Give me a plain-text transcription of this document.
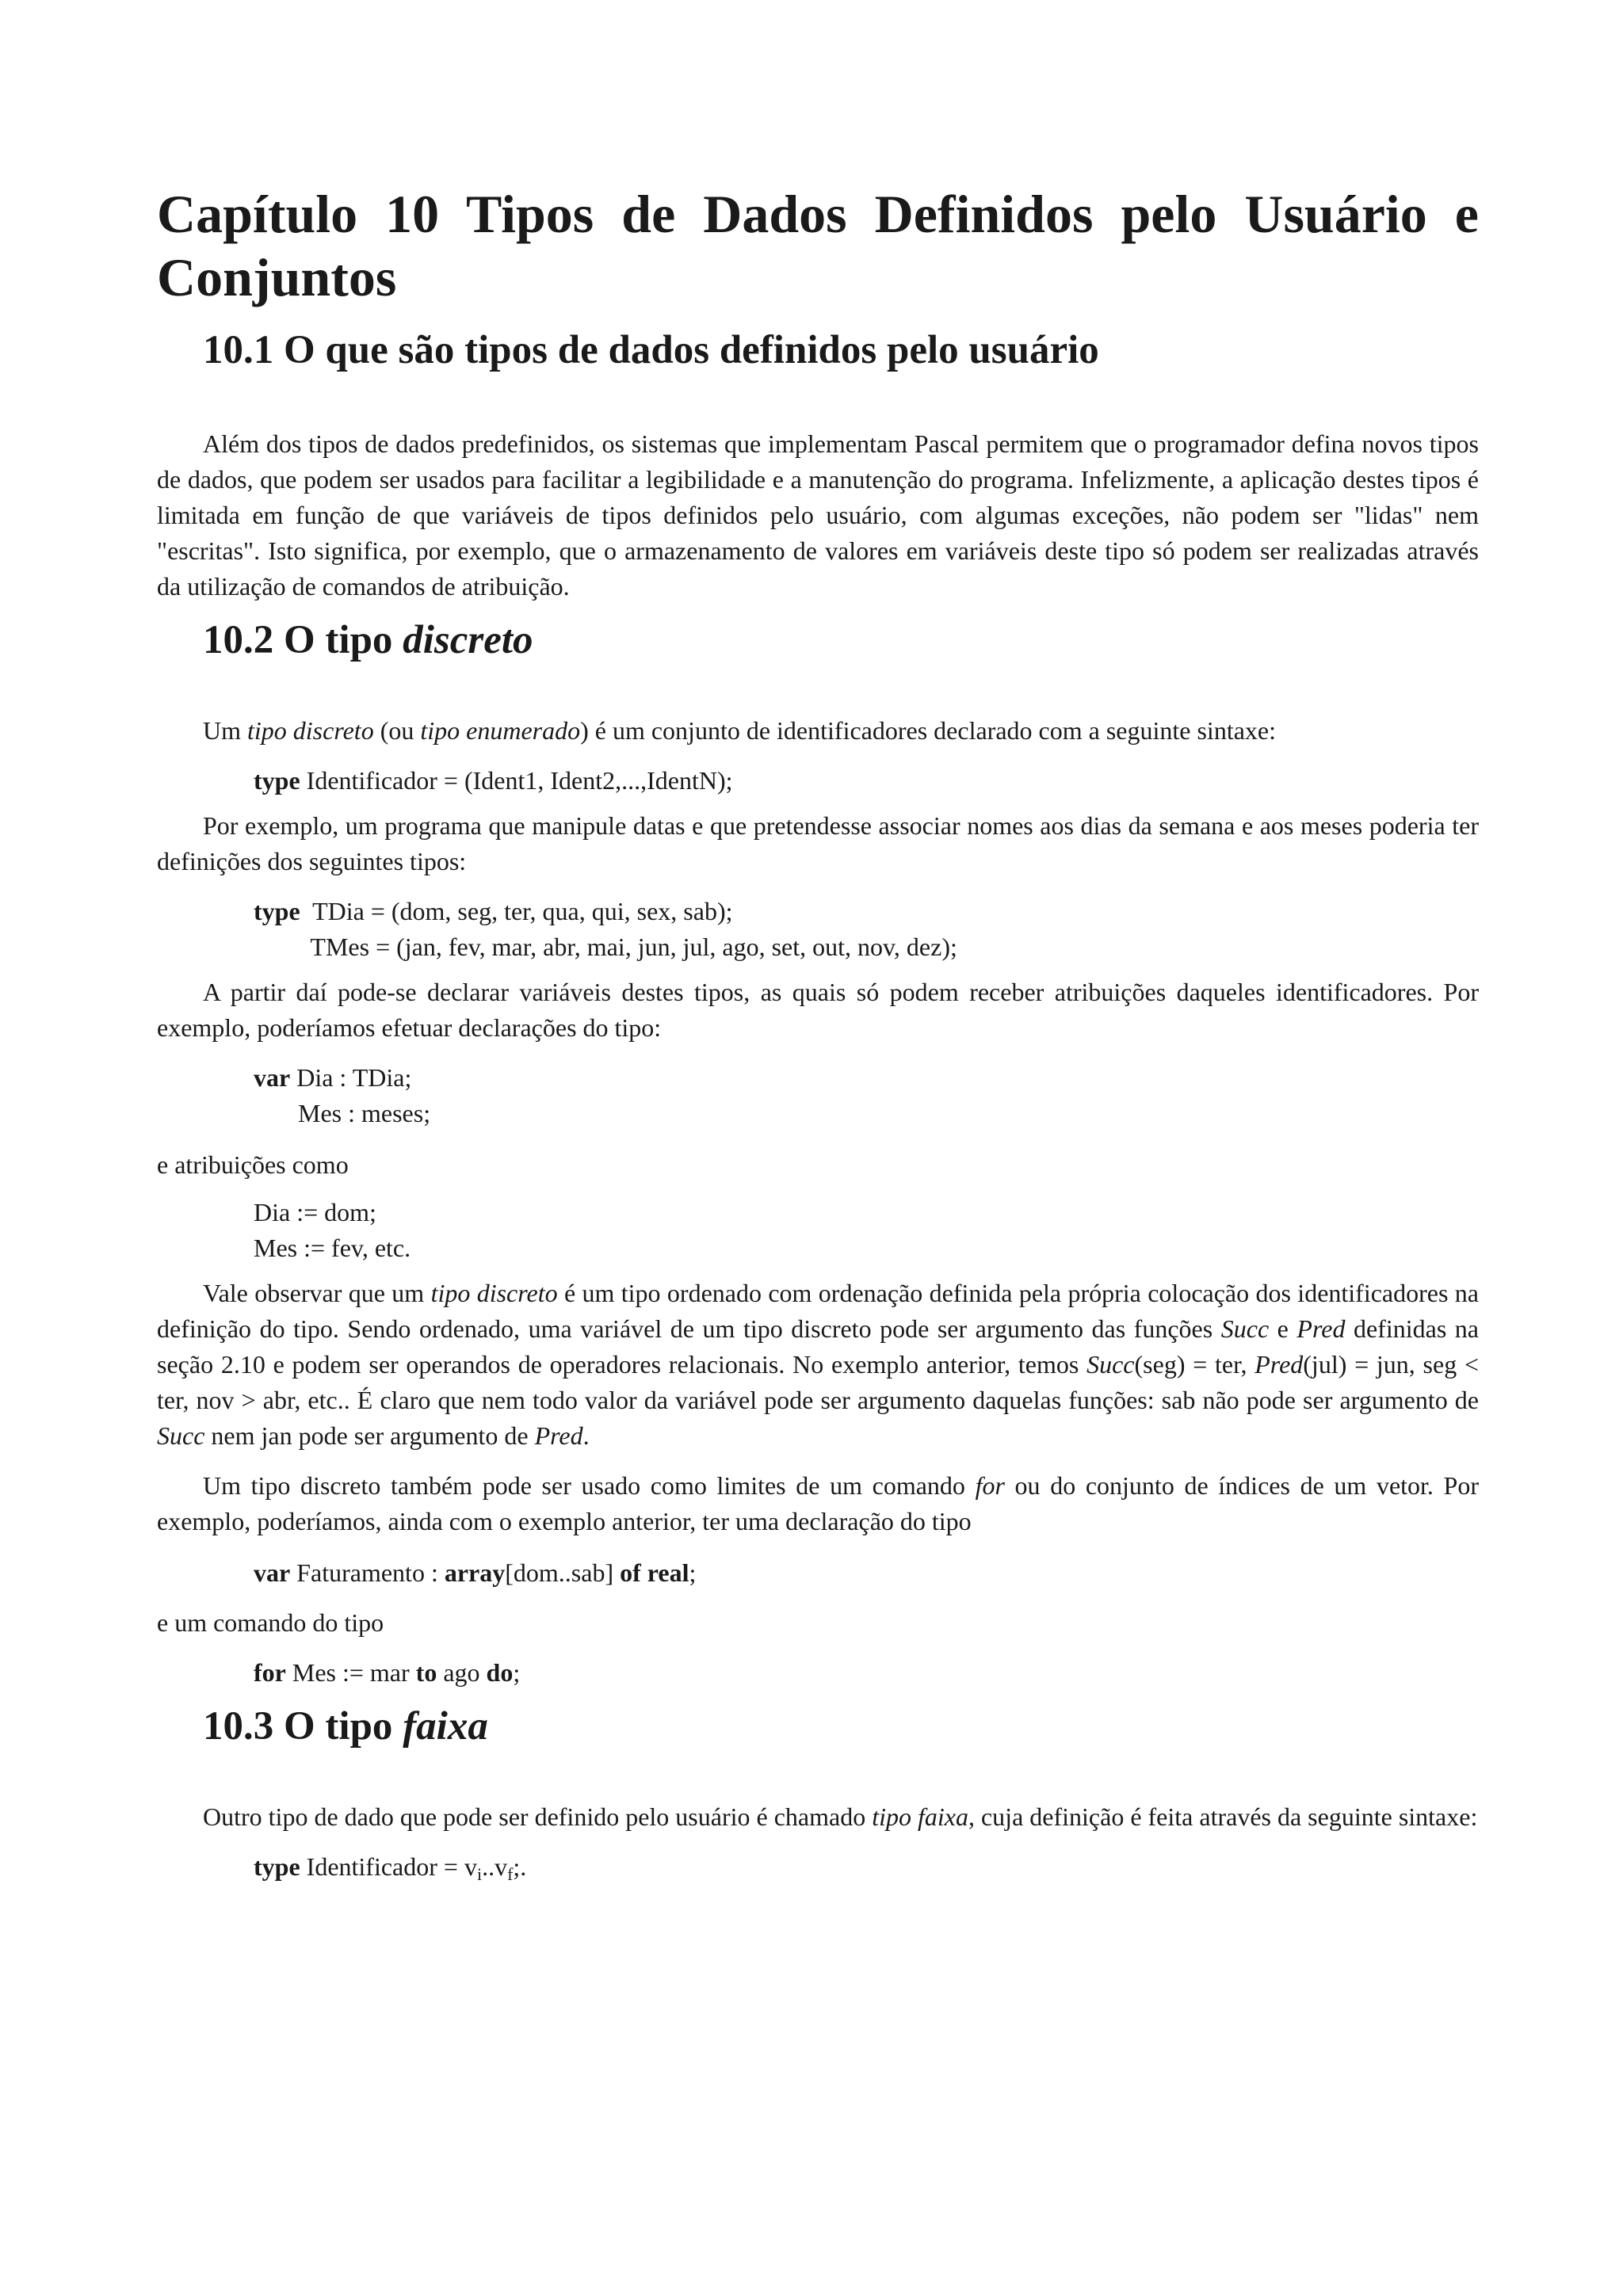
Capítulo 10 Tipos de Dados Definidos pelo Usuário e Conjuntos
10.1 O que são tipos de dados definidos pelo usuário

Além dos tipos de dados predefinidos, os sistemas que implementam Pascal permitem que o programador defina novos tipos de dados, que podem ser usados para facilitar a legibilidade e a manutenção do programa. Infelizmente, a aplicação destes tipos é limitada em função de que variáveis de tipos definidos pelo usuário, com algumas exceções, não podem ser "lidas" nem "escritas". Isto significa, por exemplo, que o armazenamento de valores em variáveis deste tipo só podem ser realizadas através da utilização de comandos de atribuição.

10.2 O tipo discreto

Um tipo discreto (ou tipo enumerado) é um conjunto de identificadores declarado com a seguinte sintaxe:

type Identificador = (Ident1, Ident2,...,IdentN);

Por exemplo, um programa que manipule datas e que pretendesse associar nomes aos dias da semana e aos meses poderia ter definições dos seguintes tipos:

type  TDia = (dom, seg, ter, qua, qui, sex, sab);
TMes = (jan, fev, mar, abr, mai, jun, jul, ago, set, out, nov, dez);

A partir daí pode-se declarar variáveis destes tipos, as quais só podem receber atribuições daqueles identificadores. Por exemplo, poderíamos efetuar declarações do tipo:

var Dia : TDia;
Mes : meses;

e atribuições como

Dia := dom;
Mes := fev, etc.

Vale observar que um tipo discreto é um tipo ordenado com ordenação definida pela própria colocação dos identificadores na definição do tipo. Sendo ordenado, uma variável de um tipo discreto pode ser argumento das funções Succ e Pred definidas na seção 2.10 e podem ser operandos de operadores relacionais. No exemplo anterior, temos Succ(seg) = ter, Pred(jul) = jun, seg < ter, nov > abr, etc.. É claro que nem todo valor da variável pode ser argumento daquelas funções: sab não pode ser argumento de Succ nem jan pode ser argumento de Pred.

Um tipo discreto também pode ser usado como limites de um comando for ou do conjunto de índices de um vetor. Por exemplo, poderíamos, ainda com o exemplo anterior, ter uma declaração do tipo

var Faturamento : array[dom..sab] of real;

e um comando do tipo

for Mes := mar to ago do;

10.3 O tipo faixa

Outro tipo de dado que pode ser definido pelo usuário é chamado tipo faixa, cuja definição é feita através da seguinte sintaxe:

type Identificador = $v_i..v_f$;.
